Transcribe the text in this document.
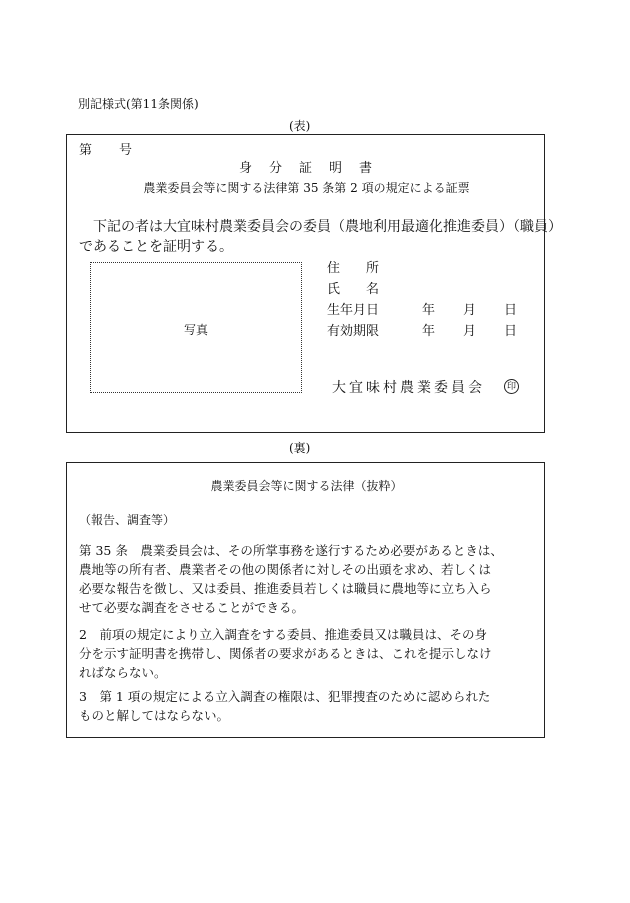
別記様式(第11条関係)
(表)
第 号
身　分　証　明　書
農業委員会等に関する法律第 35 条第 2 項の規定による証票
下記の者は大宜味村農業委員会の委員（農地利用最適化推進委員）（職員）
であることを証明する。
写真
住　　所
氏　　名
生年月日	年 月 日
有効期限	年 月 日
大宜味村農業委員会	印
(裏)
農業委員会等に関する法律（抜粋）
（報告、調査等）
第 35 条　農業委員会は、その所掌事務を遂行するため必要があるときは、
農地等の所有者、農業者その他の関係者に対しその出頭を求め、若しくは
必要な報告を徴し、又は委員、推進委員若しくは職員に農地等に立ち入ら
せて必要な調査をさせることができる。
2　前項の規定により立入調査をする委員、推進委員又は職員は、その身
分を示す証明書を携帯し、関係者の要求があるときは、これを提示しなけ
ればならない。
3　第 1 項の規定による立入調査の権限は、犯罪捜査のために認められた
ものと解してはならない。
